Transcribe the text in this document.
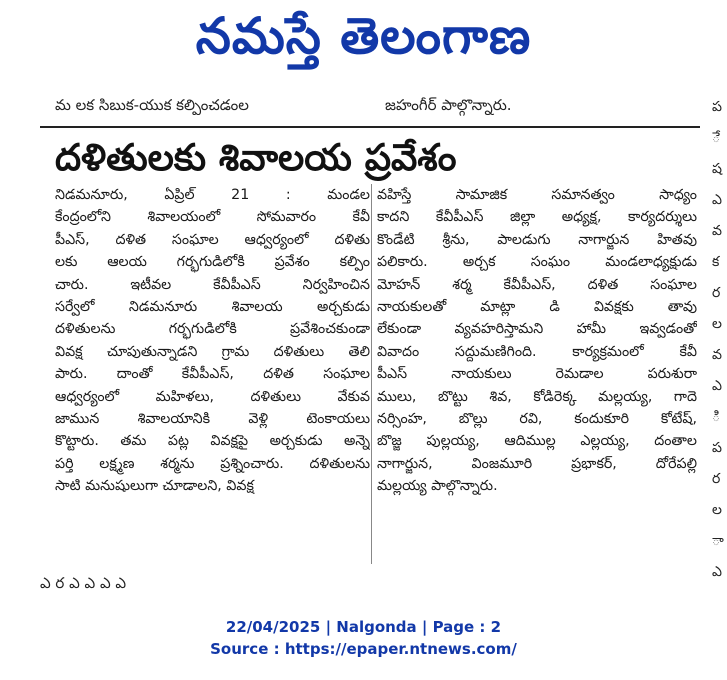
నమస్తే తెలంగాణ
మ లక సిబుక-యుక కల్పించడంల	జహంగీర్ పాల్గొన్నారు.
దళితులకు శివాలయ ప్రవేశం
నిడమనూరు, ఏప్రిల్ 21 : మండల
కేంద్రంలోని శివాలయంలో సోమవారం కేవీ
పీఎస్, దళిత సంఘాల ఆధ్వర్యంలో దళితు
లకు ఆలయ గర్భగుడిలోకి ప్రవేశం కల్పిం
చారు. ఇటీవల కేవీపీఎస్ నిర్వహించిన
సర్వేలో నిడమనూరు శివాలయ అర్చకుడు
దళితులను గర్భగుడిలోకి ప్రవేశించకుండా
వివక్ష చూపుతున్నాడని గ్రామ దళితులు తెలి
పారు. దాంతో కేవీపీఎస్, దళిత సంఘాల
ఆధ్వర్యంలో మహిళలు, దళితులు వేకువ
జామున శివాలయానికి వెళ్లి టెంకాయలు
కొట్టారు. తమ పట్ల వివక్షపై అర్చకుడు అన్నె
పర్తి లక్ష్మణ శర్మను ప్రశ్నించారు. దళితులను
సాటి మనుషులుగా చూడాలని, వివక్ష
వహిస్తే సామాజిక సమానత్వం సాధ్యం
కాదని కేవీపీఎస్ జిల్లా అధ్యక్ష, కార్యదర్శులు
కొండేటి శ్రీను, పాలడుగు నాగార్జున హితవు
పలికారు. అర్చక సంఘం మండలాధ్యక్షుడు
మోహన్ శర్మ కేవీపీఎస్, దళిత సంఘాల
నాయకులతో మాట్లా డి వివక్షకు తావు
లేకుండా వ్యవహరిస్తామని హామీ ఇవ్వడంతో
వివాదం సద్దుమణిగింది. కార్యక్రమంలో కేవీ
పీఎస్ నాయకులు రెమడాల పరుశురా
ములు, బొట్టు శివ, కోడిరెక్క మల్లయ్య, గాదె
నర్సింహ, బొల్లు రవి, కందుకూరి కోటేష్,
బొజ్జ పుల్లయ్య, ఆదిముల్ల ఎల్లయ్య, దంతాల
నాగార్జున, వింజమూరి ప్రభాకర్, దోరేపల్లి
మల్లయ్య పాల్గొన్నారు.
ఎ ర ఎ ఎ ఎ ఎ
ప
ే
ష
ఎ
వ
క
ర
ల
వ
ఎ
ి
ప
ర
ల
ా
ఎ
22/04/2025 | Nalgonda | Page : 2
Source : https://epaper.ntnews.com/
